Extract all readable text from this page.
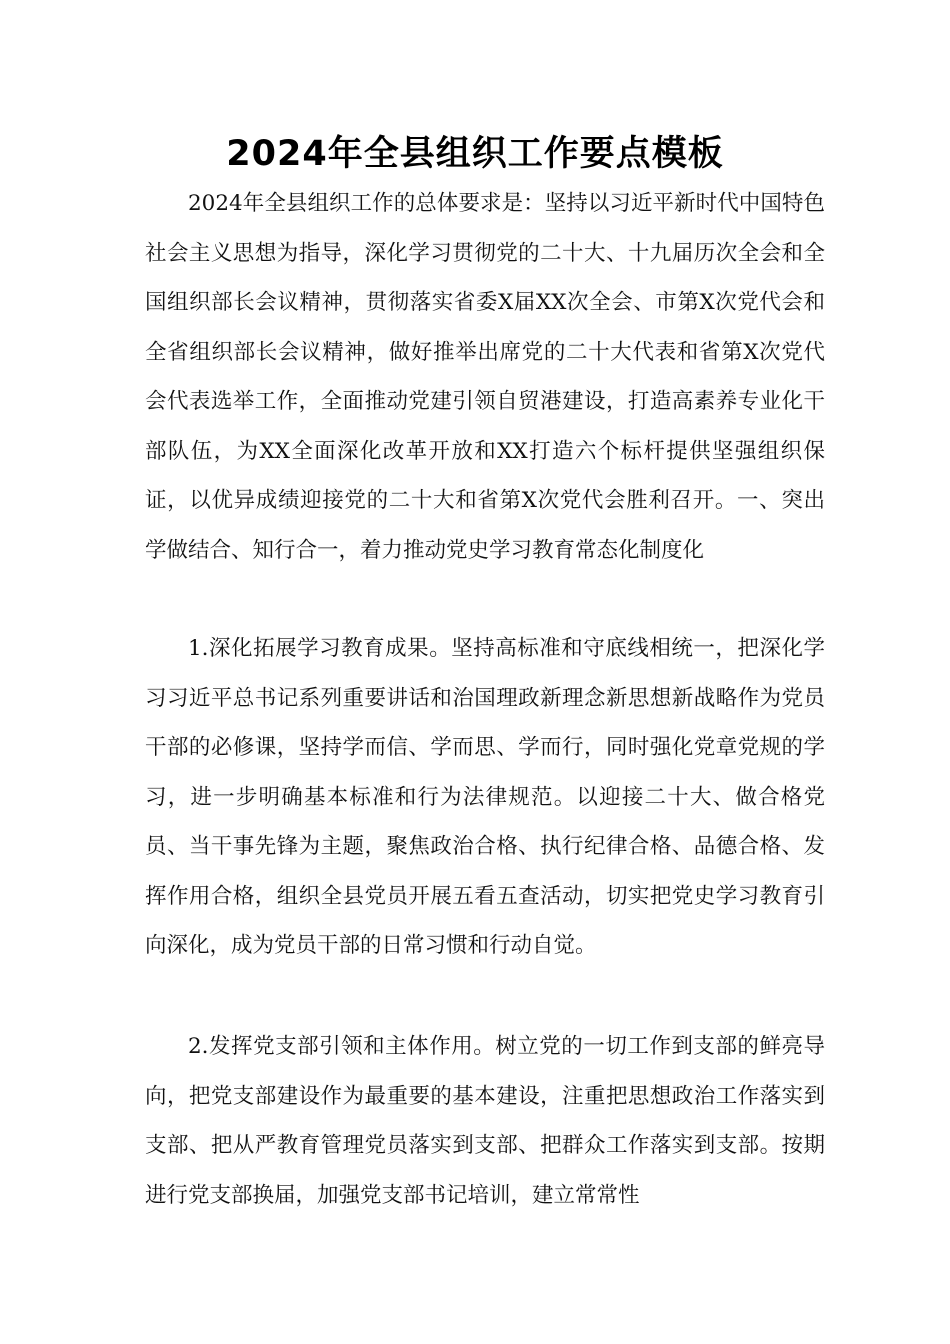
2024年全县组织工作要点模板

2024年全县组织工作的总体要求是：坚持以习近平新时代中国特色社会主义思想为指导，深化学习贯彻党的二十大、十九届历次全会和全国组织部长会议精神，贯彻落实省委X届XX次全会、市第X次党代会和全省组织部长会议精神，做好推举出席党的二十大代表和省第X次党代会代表选举工作，全面推动党建引领自贸港建设，打造高素养专业化干部队伍，为XX全面深化改革开放和XX打造六个标杆提供坚强组织保证，以优异成绩迎接党的二十大和省第X次党代会胜利召开。一、突出学做结合、知行合一，着力推动党史学习教育常态化制度化

1.深化拓展学习教育成果。坚持高标准和守底线相统一，把深化学习习近平总书记系列重要讲话和治国理政新理念新思想新战略作为党员干部的必修课，坚持学而信、学而思、学而行，同时强化党章党规的学习，进一步明确基本标准和行为法律规范。以迎接二十大、做合格党员、当干事先锋为主题，聚焦政治合格、执行纪律合格、品德合格、发挥作用合格，组织全县党员开展五看五查活动，切实把党史学习教育引向深化，成为党员干部的日常习惯和行动自觉。

2.发挥党支部引领和主体作用。树立党的一切工作到支部的鲜亮导向，把党支部建设作为最重要的基本建设，注重把思想政治工作落实到支部、把从严教育管理党员落实到支部、把群众工作落实到支部。按期进行党支部换届，加强党支部书记培训，建立常常性
